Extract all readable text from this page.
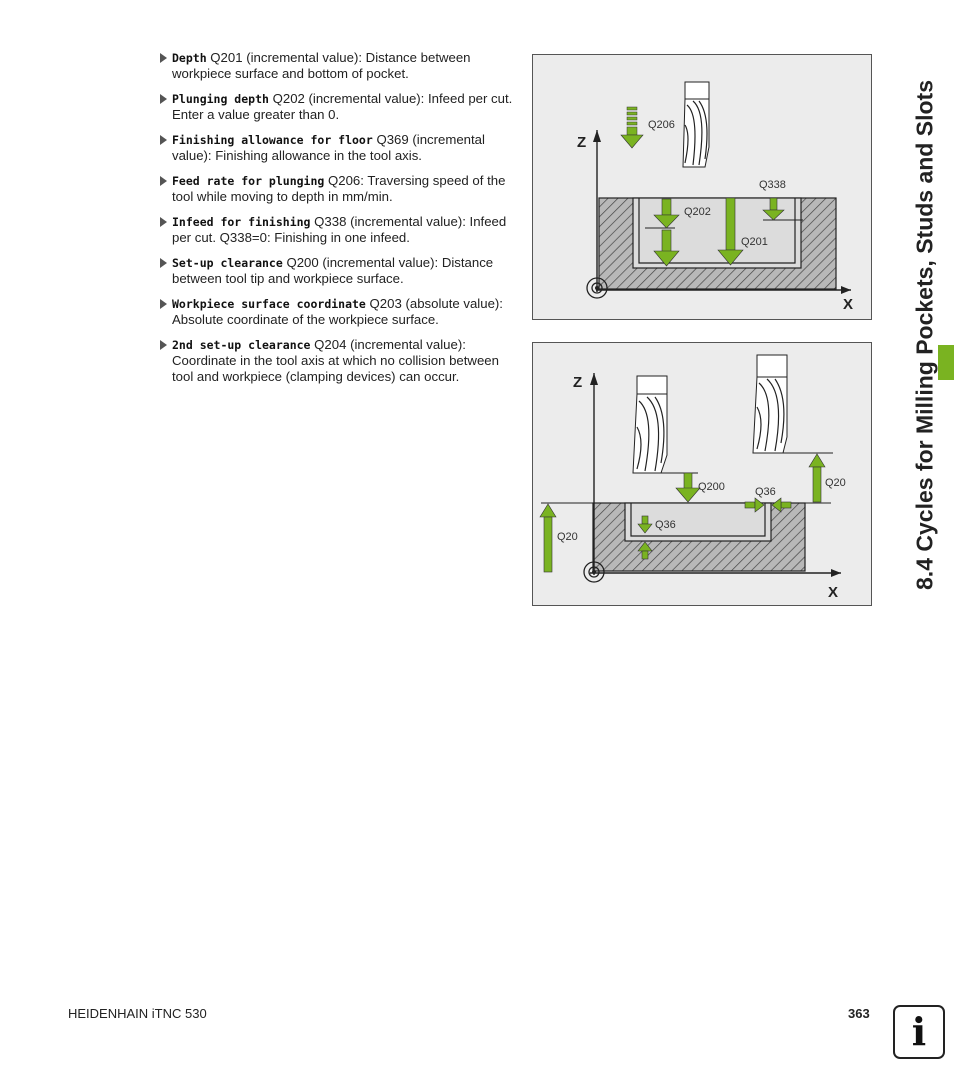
Depth Q201 (incremental value): Distance between workpiece surface and bottom of pocket.
Plunging depth Q202 (incremental value): Infeed per cut. Enter a value greater than 0.
Finishing allowance for floor Q369 (incremental value): Finishing allowance in the tool axis.
Feed rate for plunging Q206: Traversing speed of the tool while moving to depth in mm/min.
Infeed for finishing Q338 (incremental value): Infeed per cut. Q338=0: Finishing in one infeed.
Set-up clearance Q200 (incremental value): Distance between tool tip and workpiece surface.
Workpiece surface coordinate Q203 (absolute value): Absolute coordinate of the workpiece surface.
2nd set-up clearance Q204 (incremental value): Coordinate in the tool axis at which no collision between tool and workpiece (clamping devices) can occur.
Z
X
Q206
Q338
Q202
Q201
Z
X
Q200	Q36
Q20
Q20
Q36	8.4 Cycles for Milling Pockets, Studs and Slots
HEIDENHAIN iTNC 530	363 i
